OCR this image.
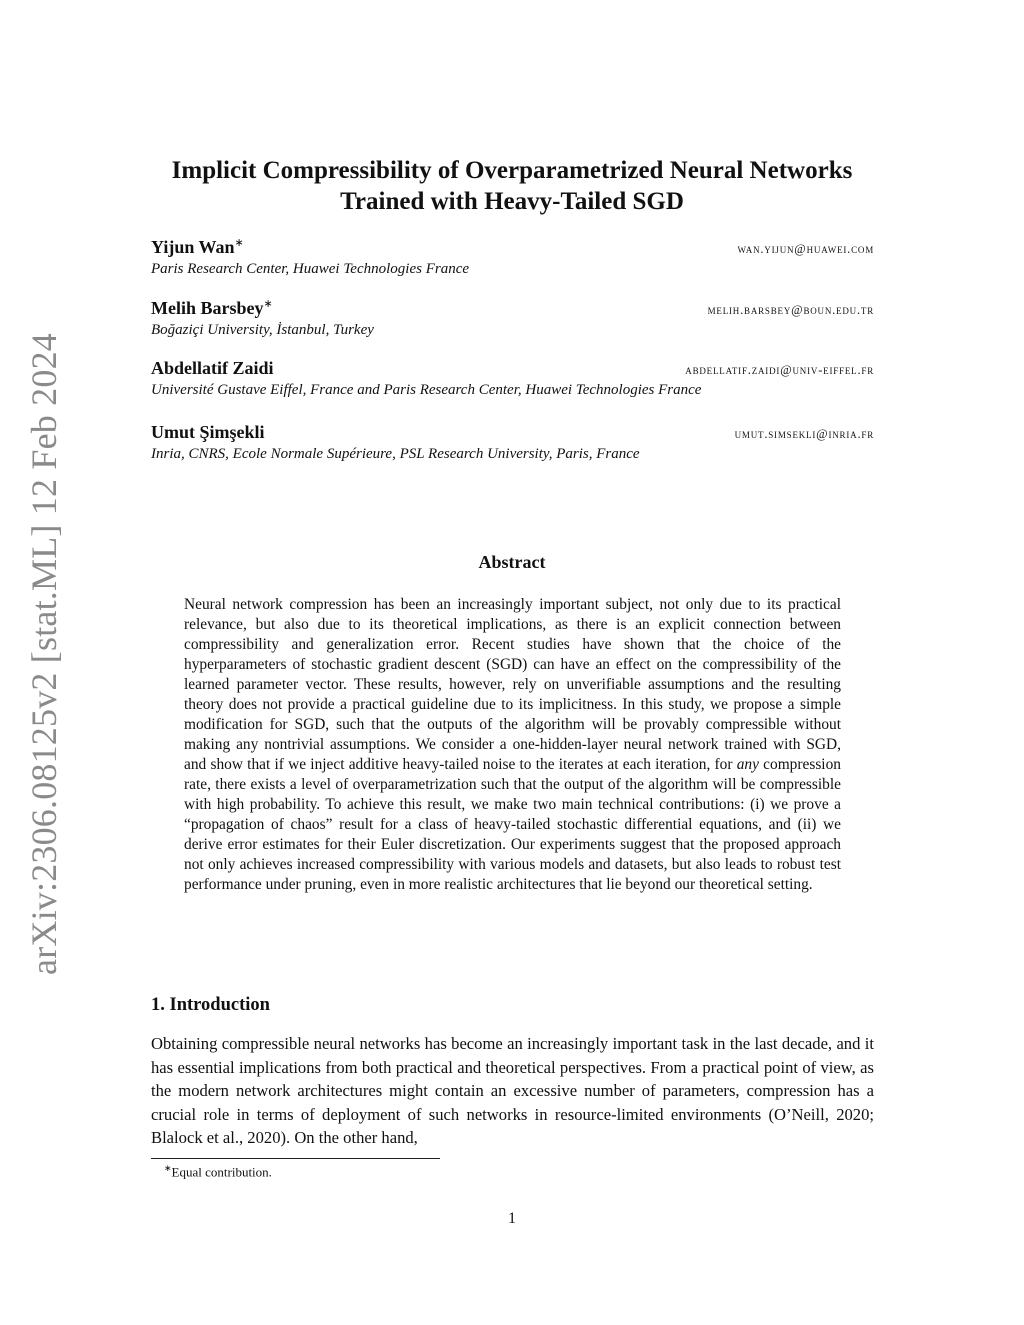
arXiv:2306.08125v2 [stat.ML] 12 Feb 2024
Implicit Compressibility of Overparametrized Neural Networks
Trained with Heavy-Tailed SGD
Yijun Wan∗	wan.yijun@huawei.com
Paris Research Center, Huawei Technologies France
Melih Barsbey∗	melih.barsbey@boun.edu.tr
Boğaziçi University, İstanbul, Turkey
Abdellatif Zaidi	abdellatif.zaidi@univ-eiffel.fr
Université Gustave Eiffel, France and Paris Research Center, Huawei Technologies France
Umut Şimşekli	umut.simsekli@inria.fr
Inria, CNRS, Ecole Normale Supérieure, PSL Research University, Paris, France
Abstract
Neural network compression has been an increasingly important subject, not only due to its practical relevance, but also due to its theoretical implications, as there is an explicit connection between compressibility and generalization error. Recent studies have shown that the choice of the hyperparameters of stochastic gradient descent (SGD) can have an effect on the compressibility of the learned parameter vector. These results, however, rely on unverifiable assumptions and the resulting theory does not provide a practical guideline due to its implicitness. In this study, we propose a simple modification for SGD, such that the outputs of the algorithm will be provably compressible without making any nontrivial assumptions. We consider a one-hidden-layer neural network trained with SGD, and show that if we inject additive heavy-tailed noise to the iterates at each iteration, for any compression rate, there exists a level of overparametrization such that the output of the algorithm will be compressible with high probability. To achieve this result, we make two main technical contributions: (i) we prove a “propagation of chaos” result for a class of heavy-tailed stochastic differential equations, and (ii) we derive error estimates for their Euler discretization. Our experiments suggest that the proposed approach not only achieves increased compressibility with various models and datasets, but also leads to robust test performance under pruning, even in more realistic architectures that lie beyond our theoretical setting.
1. Introduction
Obtaining compressible neural networks has become an increasingly important task in the last decade, and it has essential implications from both practical and theoretical perspectives. From a practical point of view, as the modern network architectures might contain an excessive number of parameters, compression has a crucial role in terms of deployment of such networks in resource-limited environments (O’Neill, 2020; Blalock et al., 2020). On the other hand,
∗Equal contribution.
1
